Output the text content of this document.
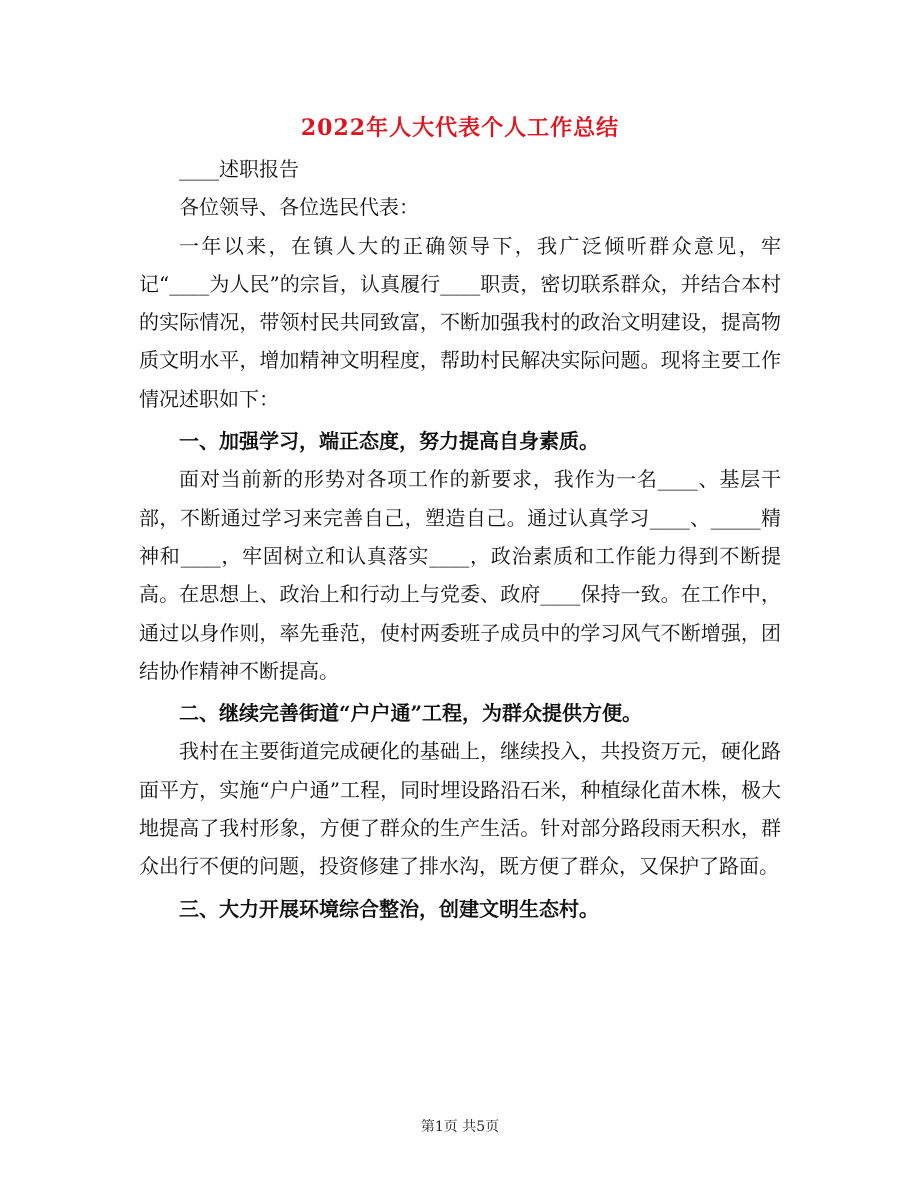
2022年人大代表个人工作总结

____述职报告

各位领导、各位选民代表：

一年以来，在镇人大的正确领导下，我广泛倾听群众意见，牢记“____为人民”的宗旨，认真履行____职责，密切联系群众，并结合本村的实际情况，带领村民共同致富，不断加强我村的政治文明建设，提高物质文明水平，增加精神文明程度，帮助村民解决实际问题。现将主要工作情况述职如下：

一、加强学习，端正态度，努力提高自身素质。

面对当前新的形势对各项工作的新要求，我作为一名____、基层干部，不断通过学习来完善自己，塑造自己。通过认真学习____、_____精神和____，牢固树立和认真落实____，政治素质和工作能力得到不断提高。在思想上、政治上和行动上与党委、政府____保持一致。在工作中，通过以身作则，率先垂范，使村两委班子成员中的学习风气不断增强，团结协作精神不断提高。

二、继续完善街道“户户通”工程，为群众提供方便。

我村在主要街道完成硬化的基础上，继续投入，共投资万元，硬化路面平方，实施“户户通”工程，同时埋设路沿石米，种植绿化苗木株，极大地提高了我村形象，方便了群众的生产生活。针对部分路段雨天积水，群众出行不便的问题，投资修建了排水沟，既方便了群众，又保护了路面。

三、大力开展环境综合整治，创建文明生态村。

第1页 共5页
